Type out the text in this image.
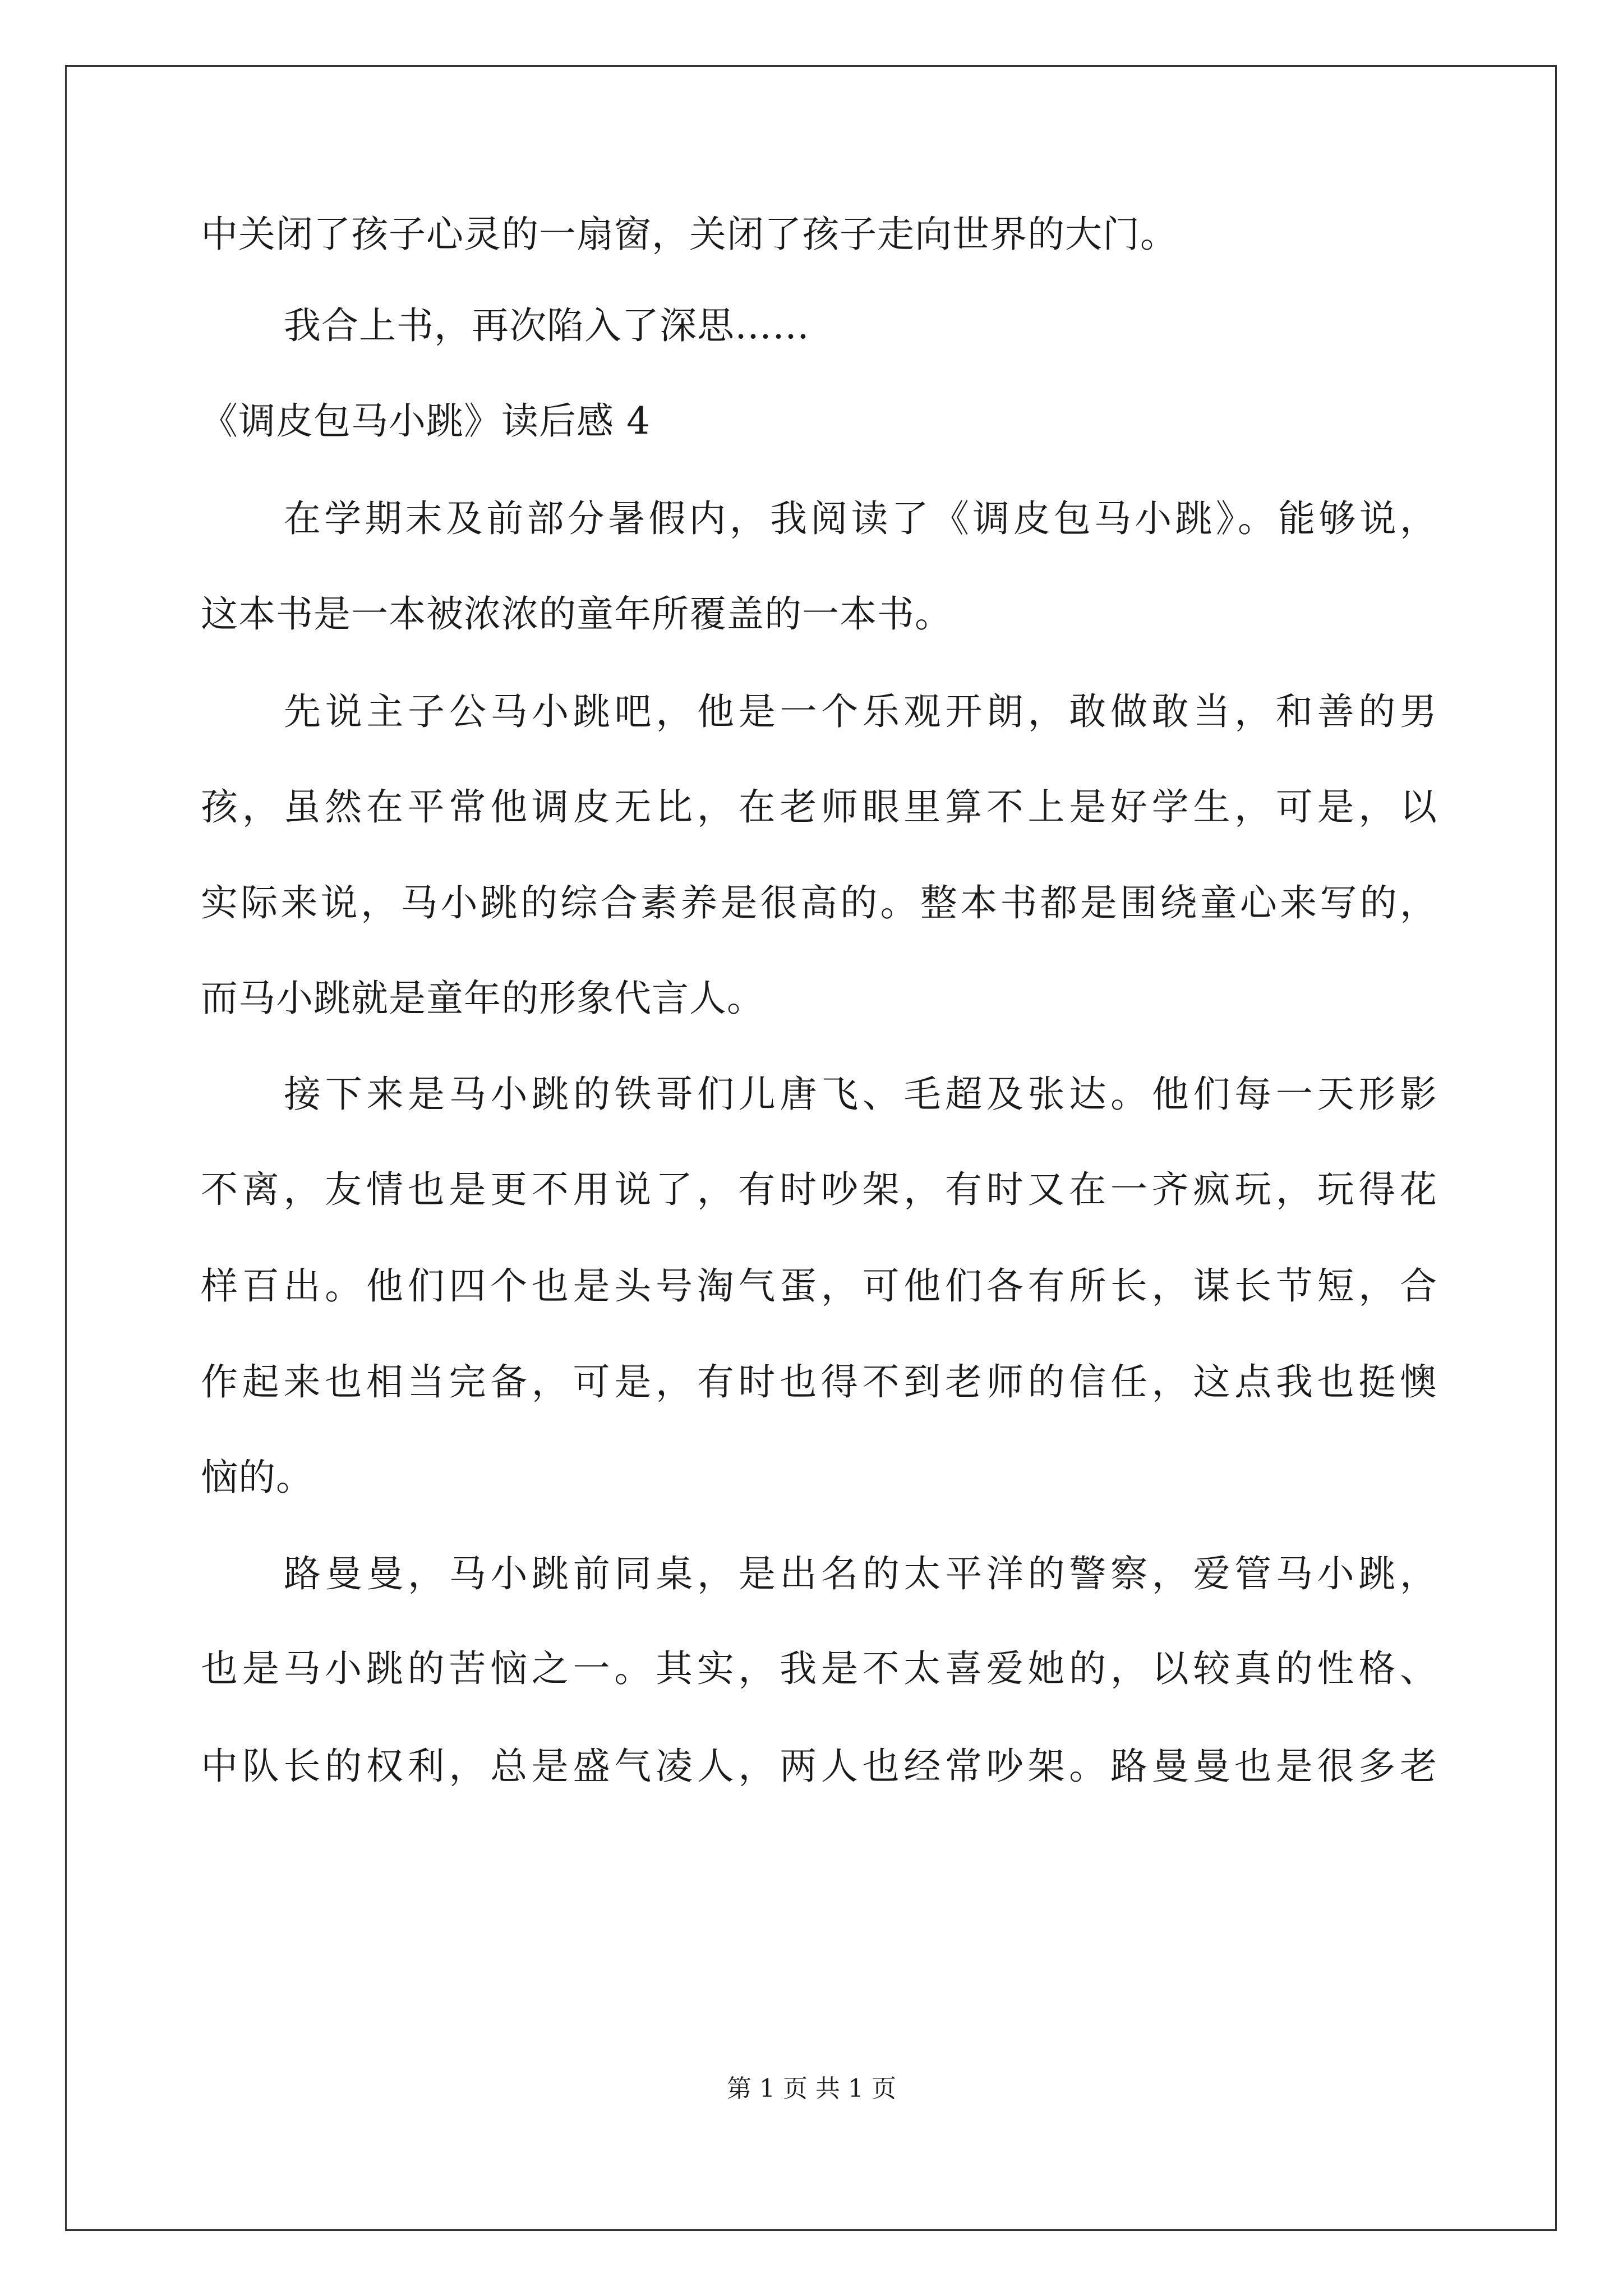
中关闭了孩子心灵的一扇窗，关闭了孩子走向世界的大门。
我合上书，再次陷入了深思……
《调皮包马小跳》读后感 4
在学期末及前部分暑假内，我阅读了《调皮包马小跳》。能够说，
这本书是一本被浓浓的童年所覆盖的一本书。
先说主子公马小跳吧，他是一个乐观开朗，敢做敢当，和善的男
孩，虽然在平常他调皮无比，在老师眼里算不上是好学生，可是，以
实际来说，马小跳的综合素养是很高的。整本书都是围绕童心来写的，
而马小跳就是童年的形象代言人。
接下来是马小跳的铁哥们儿唐飞、毛超及张达。他们每一天形影
不离，友情也是更不用说了，有时吵架，有时又在一齐疯玩，玩得花
样百出。他们四个也是头号淘气蛋，可他们各有所长，谋长节短，合
作起来也相当完备，可是，有时也得不到老师的信任，这点我也挺懊
恼的。
路曼曼，马小跳前同桌，是出名的太平洋的警察，爱管马小跳，
也是马小跳的苦恼之一。其实，我是不太喜爱她的，以较真的性格、
中队长的权利，总是盛气凌人，两人也经常吵架。路曼曼也是很多老
第 1 页 共 1 页
